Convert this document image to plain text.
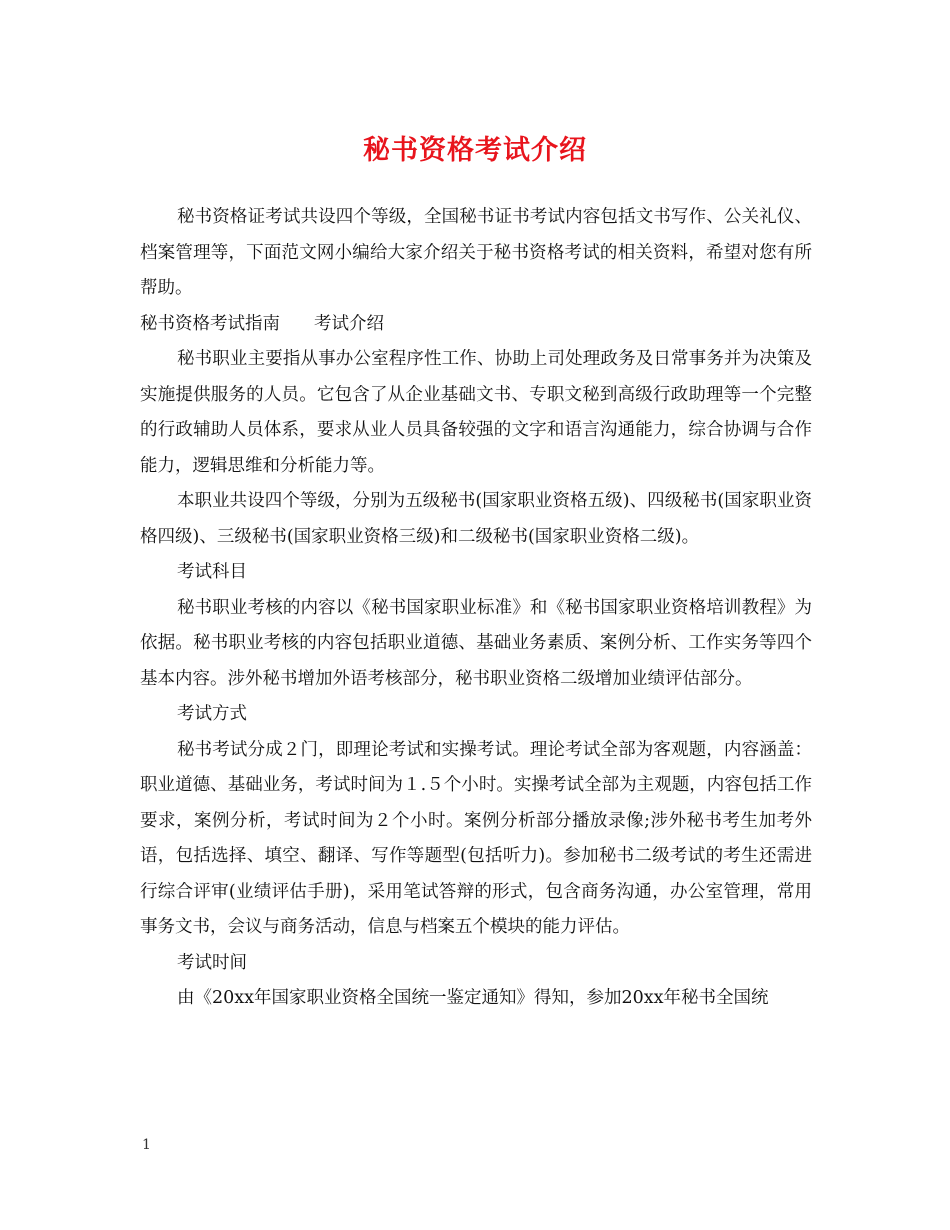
秘书资格考试介绍

秘书资格证考试共设四个等级，全国秘书证书考试内容包括文书写作、公关礼仪、档案管理等，下面范文网小编给大家介绍关于秘书资格考试的相关资料，希望对您有所帮助。

秘书资格考试指南 考试介绍

秘书职业主要指从事办公室程序性工作、协助上司处理政务及日常事务并为决策及实施提供服务的人员。它包含了从企业基础文书、专职文秘到高级行政助理等一个完整的行政辅助人员体系，要求从业人员具备较强的文字和语言沟通能力，综合协调与合作能力，逻辑思维和分析能力等。

本职业共设四个等级，分别为五级秘书(国家职业资格五级)、四级秘书(国家职业资格四级)、三级秘书(国家职业资格三级)和二级秘书(国家职业资格二级)。

考试科目

秘书职业考核的内容以《秘书国家职业标准》和《秘书国家职业资格培训教程》为依据。秘书职业考核的内容包括职业道德、基础业务素质、案例分析、工作实务等四个基本内容。涉外秘书增加外语考核部分，秘书职业资格二级增加业绩评估部分。

考试方式

秘书考试分成２门，即理论考试和实操考试。理论考试全部为客观题，内容涵盖：职业道德、基础业务，考试时间为１.５个小时。实操考试全部为主观题，内容包括工作要求，案例分析，考试时间为２个小时。案例分析部分播放录像;涉外秘书考生加考外语，包括选择、填空、翻译、写作等题型(包括听力)。参加秘书二级考试的考生还需进行综合评审(业绩评估手册)，采用笔试答辩的形式，包含商务沟通，办公室管理，常用事务文书，会议与商务活动，信息与档案五个模块的能力评估。

考试时间

由《20xx年国家职业资格全国统一鉴定通知》得知，参加20xx年秘书全国统

1
